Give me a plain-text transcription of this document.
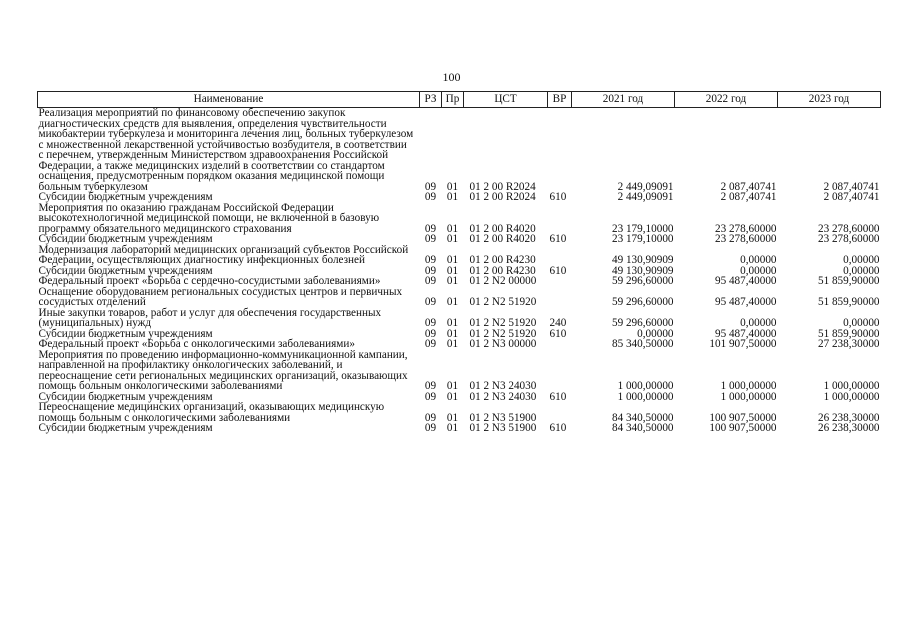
100
Наименование	РЗ	Пр	ЦСТ	ВР	2021 год	2022 год	2023 год
Реализация мероприятий по финансовому обеспечению закупок диагностических средств для выявления, определения чувствительности микобактерии туберкулеза и мониторинга лечения лиц, больных туберкулезом с множественной лекарственной устойчивостью возбудителя, в соответствии с перечнем, утвержденным Министерством здравоохранения Российской Федерации, а также медицинских изделий в соответствии со стандартом оснащения, предусмотренным порядком оказания медицинской помощи больным туберкулезом	09	01	01 2 00 R2024		2 449,09091	2 087,40741	2 087,40741
Субсидии бюджетным учреждениям	09	01	01 2 00 R2024	610	2 449,09091	2 087,40741	2 087,40741
Мероприятия по оказанию гражданам Российской Федерации высокотехнологичной медицинской помощи, не включенной в базовую программу обязательного медицинского страхования	09	01	01 2 00 R4020		23 179,10000	23 278,60000	23 278,60000
Субсидии бюджетным учреждениям	09	01	01 2 00 R4020	610	23 179,10000	23 278,60000	23 278,60000
Модернизация лабораторий медицинских организаций субъектов Российской Федерации, осуществляющих диагностику инфекционных болезней	09	01	01 2 00 R4230		49 130,90909	0,00000	0,00000
Субсидии бюджетным учреждениям	09	01	01 2 00 R4230	610	49 130,90909	0,00000	0,00000
Федеральный проект «Борьба с сердечно-сосудистыми заболеваниями»	09	01	01 2 N2 00000		59 296,60000	95 487,40000	51 859,90000
Оснащение оборудованием региональных сосудистых центров и первичных сосудистых отделений	09	01	01 2 N2 51920		59 296,60000	95 487,40000	51 859,90000
Иные закупки товаров, работ и услуг для обеспечения государственных (муниципальных) нужд	09	01	01 2 N2 51920	240	59 296,60000	0,00000	0,00000
Субсидии бюджетным учреждениям	09	01	01 2 N2 51920	610	0,00000	95 487,40000	51 859,90000
Федеральный проект «Борьба с онкологическими заболеваниями»	09	01	01 2 N3 00000		85 340,50000	101 907,50000	27 238,30000
Мероприятия по проведению информационно-коммуникационной кампании, направленной на профилактику онкологических заболеваний, и переоснащение сети региональных медицинских организаций, оказывающих помощь больным онкологическими заболеваниями	09	01	01 2 N3 24030		1 000,00000	1 000,00000	1 000,00000
Субсидии бюджетным учреждениям	09	01	01 2 N3 24030	610	1 000,00000	1 000,00000	1 000,00000
Переоснащение медицинских организаций, оказывающих медицинскую помощь больным с онкологическими заболеваниями	09	01	01 2 N3 51900		84 340,50000	100 907,50000	26 238,30000
Субсидии бюджетным учреждениям	09	01	01 2 N3 51900	610	84 340,50000	100 907,50000	26 238,30000
